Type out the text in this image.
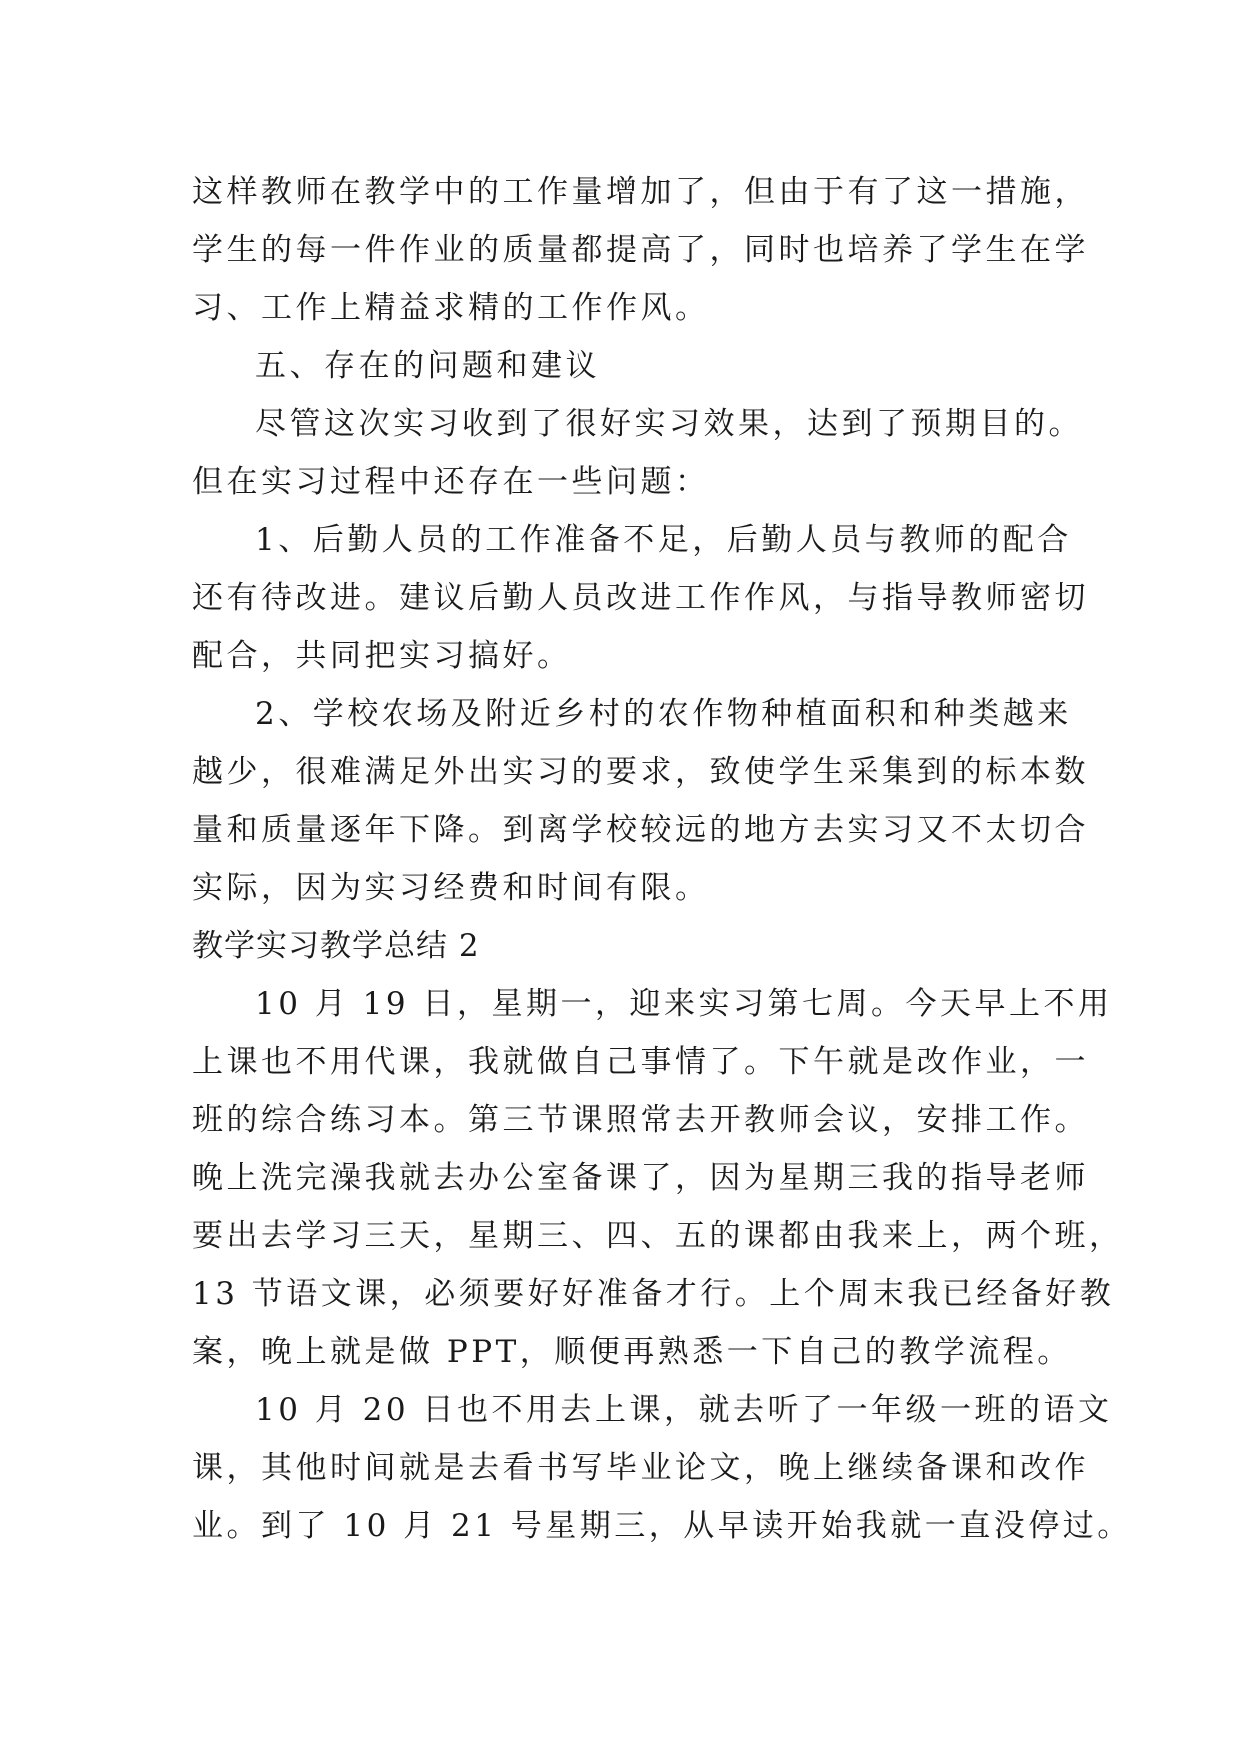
这样教师在教学中的工作量增加了，但由于有了这一措施，
学生的每一件作业的质量都提高了，同时也培养了学生在学
习、工作上精益求精的工作作风。
五、存在的问题和建议
尽管这次实习收到了很好实习效果，达到了预期目的。
但在实习过程中还存在一些问题：
1、后勤人员的工作准备不足，后勤人员与教师的配合
还有待改进。建议后勤人员改进工作作风，与指导教师密切
配合，共同把实习搞好。
2、学校农场及附近乡村的农作物种植面积和种类越来
越少，很难满足外出实习的要求，致使学生采集到的标本数
量和质量逐年下降。到离学校较远的地方去实习又不太切合
实际，因为实习经费和时间有限。
教学实习教学总结 2
10 月 19 日，星期一，迎来实习第七周。今天早上不用
上课也不用代课，我就做自己事情了。下午就是改作业，一
班的综合练习本。第三节课照常去开教师会议，安排工作。
晚上洗完澡我就去办公室备课了，因为星期三我的指导老师
要出去学习三天，星期三、四、五的课都由我来上，两个班，
13 节语文课，必须要好好准备才行。上个周末我已经备好教
案，晚上就是做 PPT，顺便再熟悉一下自己的教学流程。
10 月 20 日也不用去上课，就去听了一年级一班的语文
课，其他时间就是去看书写毕业论文，晚上继续备课和改作
业。到了 10 月 21 号星期三，从早读开始我就一直没停过。
